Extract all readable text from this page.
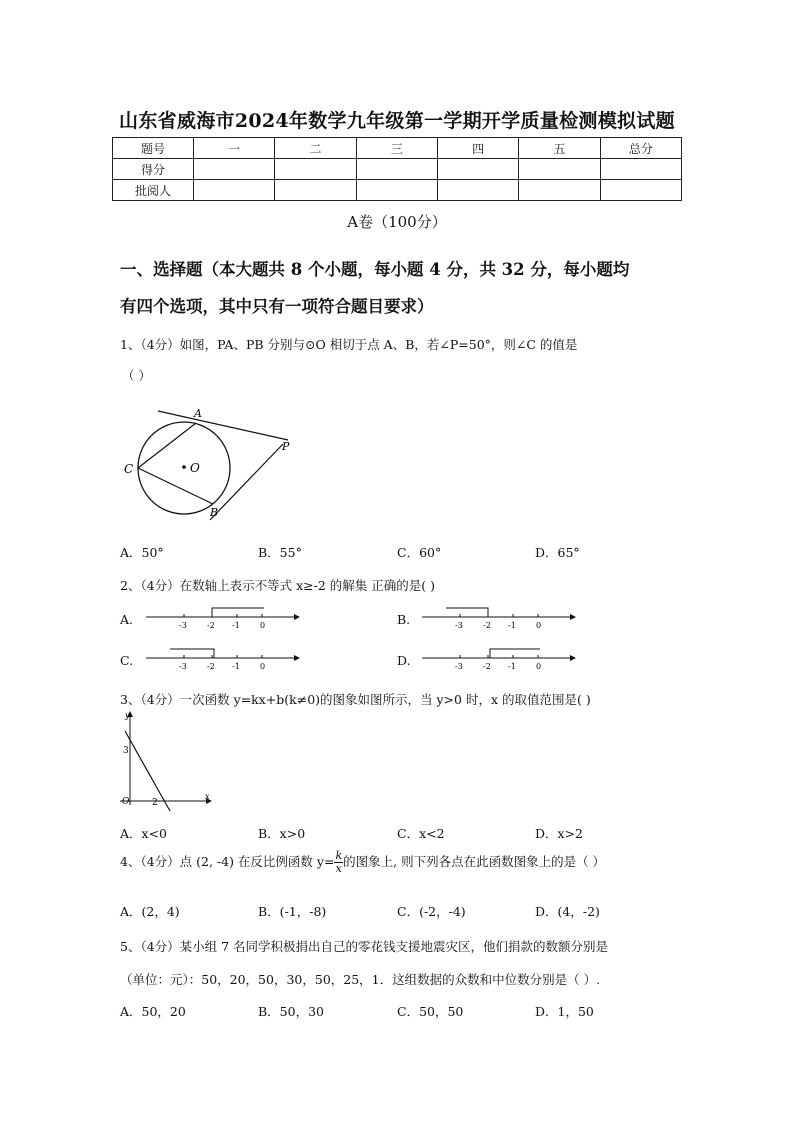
山东省威海市2024年数学九年级第一学期开学质量检测模拟试题
题号	一	二	三	四	五	总分
得分						
批阅人						
A卷（100分）
一、选择题（本大题共 8 个小题，每小题 4 分，共 32 分，每小题均
有四个选项，其中只有一项符合题目要求）
1、（4分）如图，PA、PB 分别与⊙O 相切于点 A、B，若∠P=50°，则∠C 的值是
（ ）
O
A
P
C
B
A．50°	B．55°	C．60°	D．65°
2、（4分）在数轴上表示不等式 x≥-2 的解集 正确的是( )
A.	-3	-2 -1	0	B.	-3	-2 -1	0
C.	-3	-2 -1	0	D.	-3	-2 -1	0
3、（4分）一次函数 y=kx+b(k≠0)的图象如图所示，当 y>0 时，x 的取值范围是( )
y
x
O
3
2
A．x<0	B．x>0	C．x<2	D．x>2
4、（4分）点 (2, -4) 在反比例函数 $y= \frac{k}{x}$ 的图象上, 则下列各点在此函数图象上的是（ ）
A．(2，4)	B．(-1，-8)	C．(-2，-4)	D．(4，-2)
5、（4分）某小组 7 名同学积极捐出自己的零花钱支援地震灾区，他们捐款的数额分别是
（单位：元）：50，20，50，30，50，25，1．这组数据的众数和中位数分别是（ ）.
A．50，20	B．50，30	C．50，50	D．1，50
